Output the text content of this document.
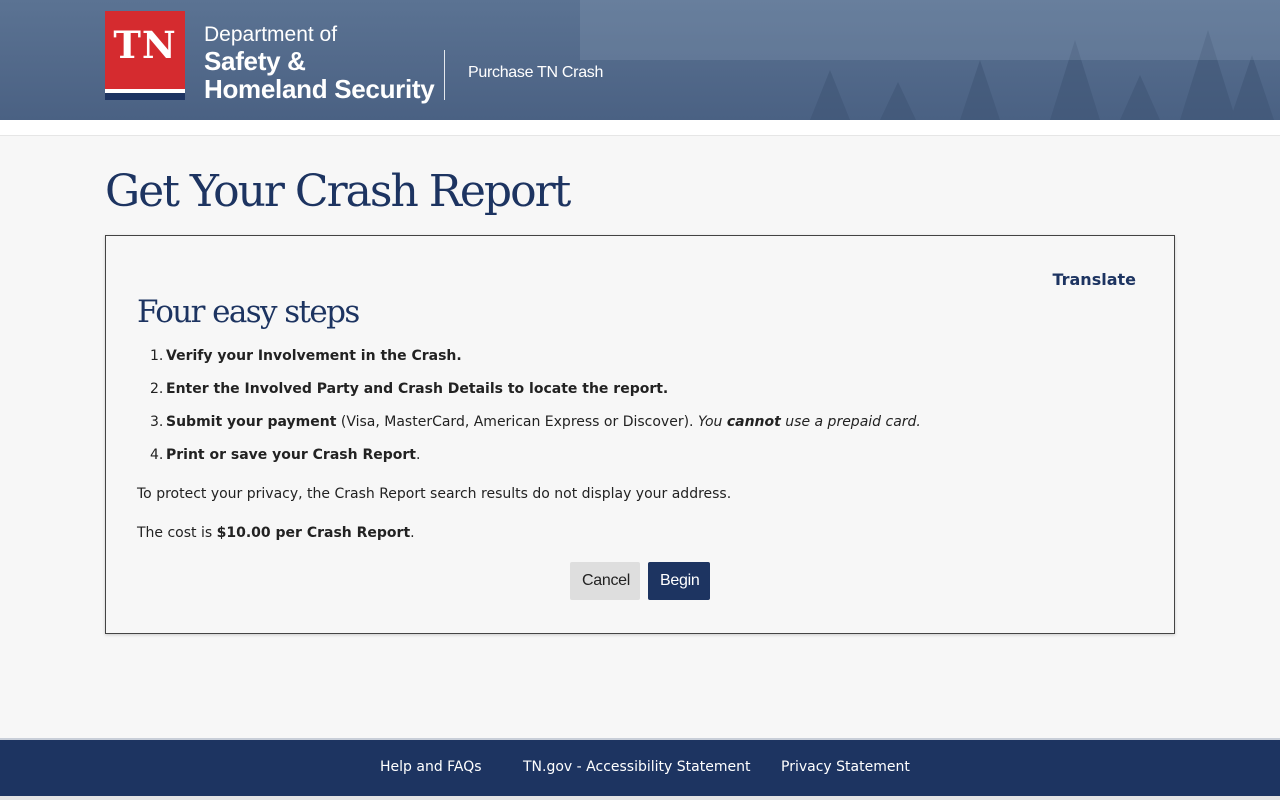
TN	Department of
Safety &
Homeland Security
Purchase TN Crash
Get Your Crash Report
Translate
Four easy steps
1. Verify your Involvement in the Crash.
2. Enter the Involved Party and Crash Details to locate the report.
3. Submit your payment (Visa, MasterCard, American Express or Discover). You cannot use a prepaid card.
4. Print or save your Crash Report.

To protect your privacy, the Crash Report search results do not display your address.

The cost is $10.00 per Crash Report.

Cancel	Begin
Help and FAQs	TN.gov - Accessibility Statement Privacy Statement
